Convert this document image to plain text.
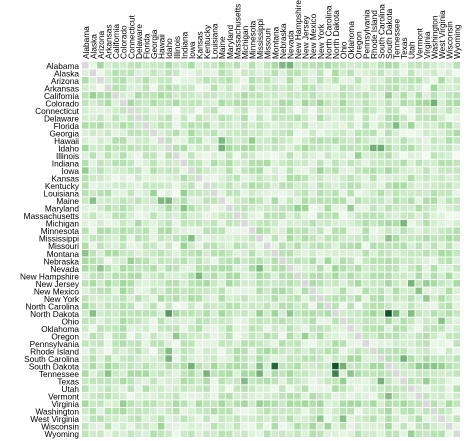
Alabama
Alaska
Arizona
Arkansas
California
Colorado
Connecticut
Delaware
Florida
Georgia
Hawaii
Idaho
Illinois
Indiana
Iowa
Kansas
Kentucky
Louisiana
Maine
Maryland
Massachusetts
Michigan
Minnesota
Mississippi
Missouri
Montana
Nebraska
Nevada
New Hampshire
New Jersey
New Mexico
New York
North Carolina
North Dakota
Ohio
Oklahoma
Oregon
Pennsylvania
Rhode Island
South Carolina
South Dakota
Tennessee
Texas
Utah
Vermont
Virginia
Washington
West Virginia
Wisconsin
Wyoming
Alabama
Alaska
Arizona
Arkansas
California
Colorado
Connecticut
Delaware
Florida
Georgia
Hawaii
Idaho
Illinois
Indiana
Iowa
Kansas
Kentucky
Louisiana
Maine
Maryland
Massachusetts
Michigan
Minnesota
Mississippi
Missouri
Montana
Nebraska
Nevada
New Hampshire
New Jersey
New Mexico
New York
North Carolina
North Dakota
Ohio
Oklahoma
Oregon
Pennsylvania
Rhode Island
South Carolina
South Dakota
Tennessee
Texas
Utah
Vermont
Virginia
Washington
West Virginia
Wisconsin
Wyoming
